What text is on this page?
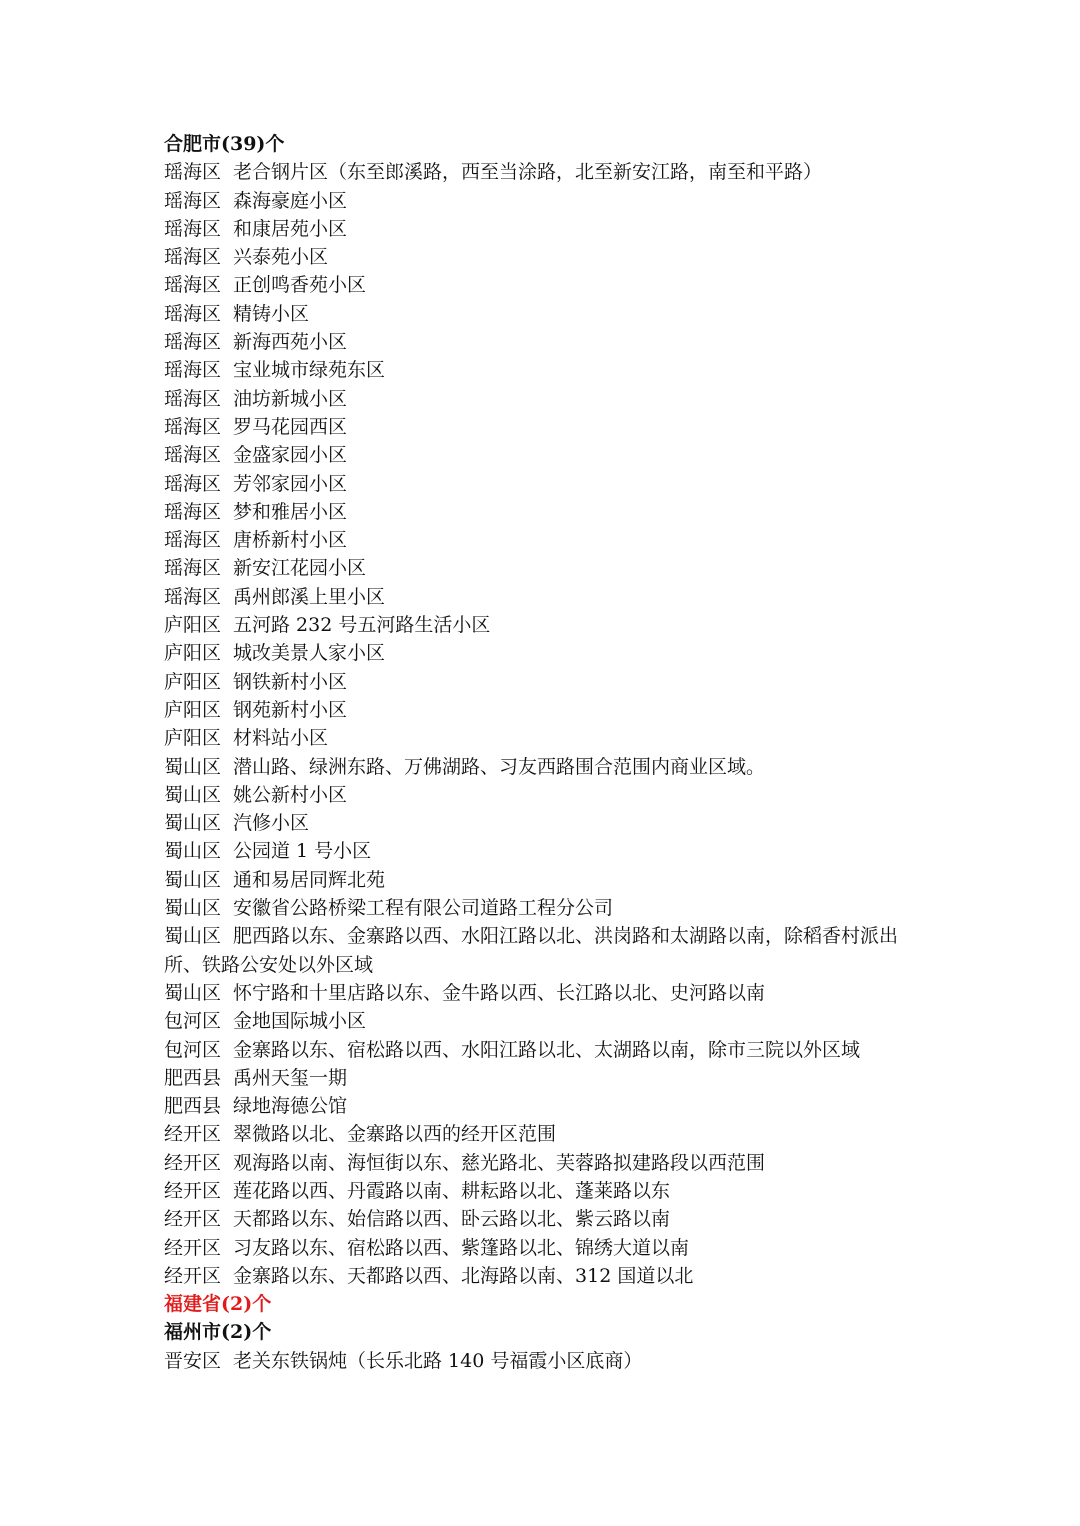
合肥市(39)个

瑶海区 老合钢片区（东至郎溪路，西至当涂路，北至新安江路，南至和平路）

瑶海区 森海豪庭小区

瑶海区 和康居苑小区

瑶海区 兴泰苑小区

瑶海区 正创鸣香苑小区

瑶海区 精铸小区

瑶海区 新海西苑小区

瑶海区 宝业城市绿苑东区

瑶海区 油坊新城小区

瑶海区 罗马花园西区

瑶海区 金盛家园小区

瑶海区 芳邻家园小区

瑶海区 梦和雅居小区

瑶海区 唐桥新村小区

瑶海区 新安江花园小区

瑶海区 禹州郎溪上里小区

庐阳区 五河路 232 号五河路生活小区

庐阳区 城改美景人家小区

庐阳区 钢铁新村小区

庐阳区 钢苑新村小区

庐阳区 材料站小区

蜀山区 潜山路、绿洲东路、万佛湖路、习友西路围合范围内商业区域。

蜀山区 姚公新村小区

蜀山区 汽修小区

蜀山区 公园道 1 号小区

蜀山区 通和易居同辉北苑

蜀山区 安徽省公路桥梁工程有限公司道路工程分公司

蜀山区 肥西路以东、金寨路以西、水阳江路以北、洪岗路和太湖路以南，除稻香村派出所、铁路公安处以外区域

蜀山区 怀宁路和十里店路以东、金牛路以西、长江路以北、史河路以南

包河区 金地国际城小区

包河区 金寨路以东、宿松路以西、水阳江路以北、太湖路以南，除市三院以外区域

肥西县 禹州天玺一期

肥西县 绿地海德公馆

经开区 翠微路以北、金寨路以西的经开区范围

经开区 观海路以南、海恒街以东、慈光路北、芙蓉路拟建路段以西范围

经开区 莲花路以西、丹霞路以南、耕耘路以北、蓬莱路以东

经开区 天都路以东、始信路以西、卧云路以北、紫云路以南

经开区 习友路以东、宿松路以西、紫篷路以北、锦绣大道以南

经开区 金寨路以东、天都路以西、北海路以南、312 国道以北

福建省(2)个

福州市(2)个

晋安区 老关东铁锅炖（长乐北路 140 号福霞小区底商）
